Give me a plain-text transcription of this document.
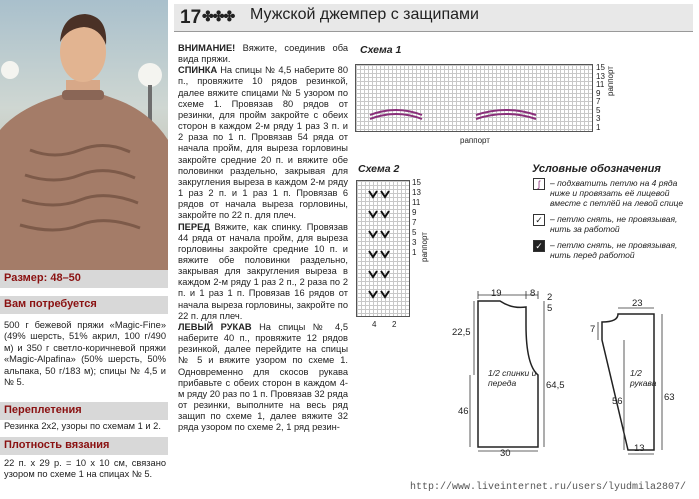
Размер: 48–50
Вам потребуется
500 г бежевой пряжи «Magic-Fine» (49% шерсть, 51% акрил, 100 г/490 м) и 350 г светло-коричневой пряжи «Magic-Alpafina» (50% шерсть, 50% альпака, 50 г/183 м); спицы № 4,5 и № 5.
Переплетения
Резинка 2х2, узоры по схемам 1 и 2.
Плотность вязания
22 п. х 29 р. = 10 х 10 см, связано узором по схеме 1 на спицах № 5.
17 ✤✤✤ Мужской джемпер с защипами
ВНИМАНИЕ! Вяжите, соединив оба вида пряжи.
СПИНКА На спицы № 4,5 наберите 80 п., провяжите 10 рядов резинкой, далее вяжите спицами № 5 узором по схеме 1. Провязав 80 рядов от резинки, для пройм закройте с обеих сторон в каждом 2-м ряду 1 раз 3 п. и 2 раза по 1 п. Провязав 54 ряда от начала пройм, для выреза горловины закройте средние 20 п. и вяжите обе половинки раздельно, закрывая для закругления выреза в каждом 2-м ряду 1 раз 2 п. и 1 раз 1 п. Провязав 6 рядов от начала выреза горловины, закройте по 22 п. для плеч.
ПЕРЕД Вяжите, как спинку. Провязав 44 ряда от начала пройм, для выреза горловины закройте средние 10 п. и вяжите обе половинки раздельно, закрывая для закругления выреза в каждом 2-м ряду 1 раз 2 п., 2 раза по 2 п. и 1 раз 1 п. Провязав 16 рядов от начала выреза горловины, закройте по 22 п. для плеч.
ЛЕВЫЙ РУКАВ На спицы № 4,5 наберите 40 п., провяжите 12 рядов резинкой, далее перейдите на спицы № 5 и вяжите узором по схеме 1. Одновременно для скосов рукава прибавьте с обеих сторон в каждом 4-м ряду 20 раз по 1 п. Провязав 32 ряда от резинки, выполните на весь ряд защип по схеме 1, далее вяжите 32 ряда узором по схеме 2, 1 ряд резин-
Схема 1
15
13
11
9
7
5
3
1
раппорт
раппорт
Схема 2
15
13
11
9
7
5
3
1 раппорт
4 2
Условные обозначения
ʃ	– подхватить петлю на 4 ряда ниже и провязать её лицевой вместе с петлёй на левой спице
✓ – петлю снять, не провязывая, нить за работой
✓ – петлю снять, не провязывая, нить перед работой
19	8 2
5
22,5
64,5
46
30
1/2 спинки и переда
23
7
56	63
13
1/2 рукава
http://www.liveinternet.ru/users/lyudmila2807/
